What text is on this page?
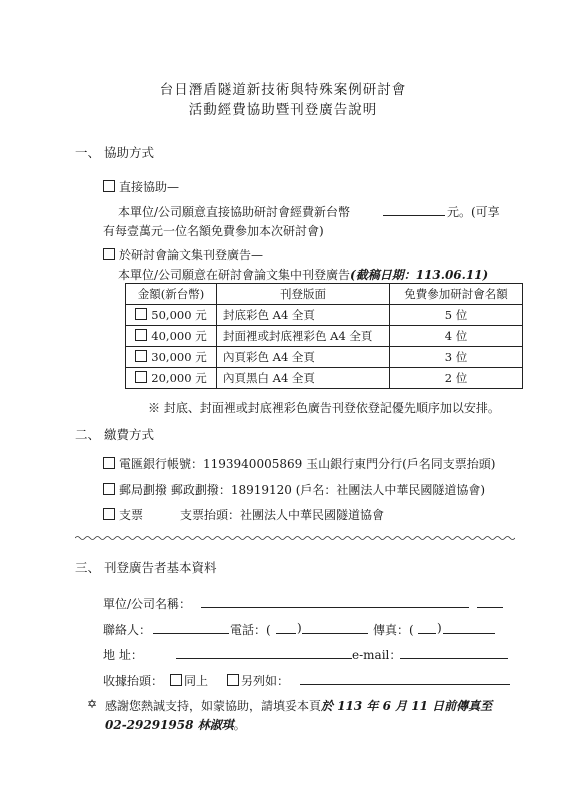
台日潛盾隧道新技術與特殊案例研討會
活動經費協助暨刊登廣告說明
一、 協助方式
直接協助—
本單位/公司願意直接協助研討會經費新台幣	元。(可享
有每壹萬元一位名額免費參加本次研討會)
於研討會論文集刊登廣告—
本單位/公司願意在研討會論文集中刊登廣告(截稿日期：113.06.11)
金額(新台幣)	刊登版面	免費參加研討會名額
50,000 元	封底彩色 A4 全頁	5 位
40,000 元	封面裡或封底裡彩色 A4 全頁	4 位
30,000 元	內頁彩色 A4 全頁	3 位
20,000 元	內頁黑白 A4 全頁	2 位
※ 封底、封面裡或封底裡彩色廣告刊登依登記優先順序加以安排。
二、 繳費方式
電匯銀行帳號：1193940005869 玉山銀行東門分行(戶名同支票抬頭)
郵局劃撥 郵政劃撥：18919120 (戶名：社團法人中華民國隧道協會)
支票	支票抬頭：社團法人中華民國隧道協會
三、 刊登廣告者基本資料
單位/公司名稱：
聯絡人：	電話：( )	傳真：( )
地 址：	e-mail：
收據抬頭：	同上	另列如：
✡ 感謝您熱誠支持，如蒙協助，請填妥本頁於 113 年 6 月 11 日前傳真至
02-29291958 林淑琪。
